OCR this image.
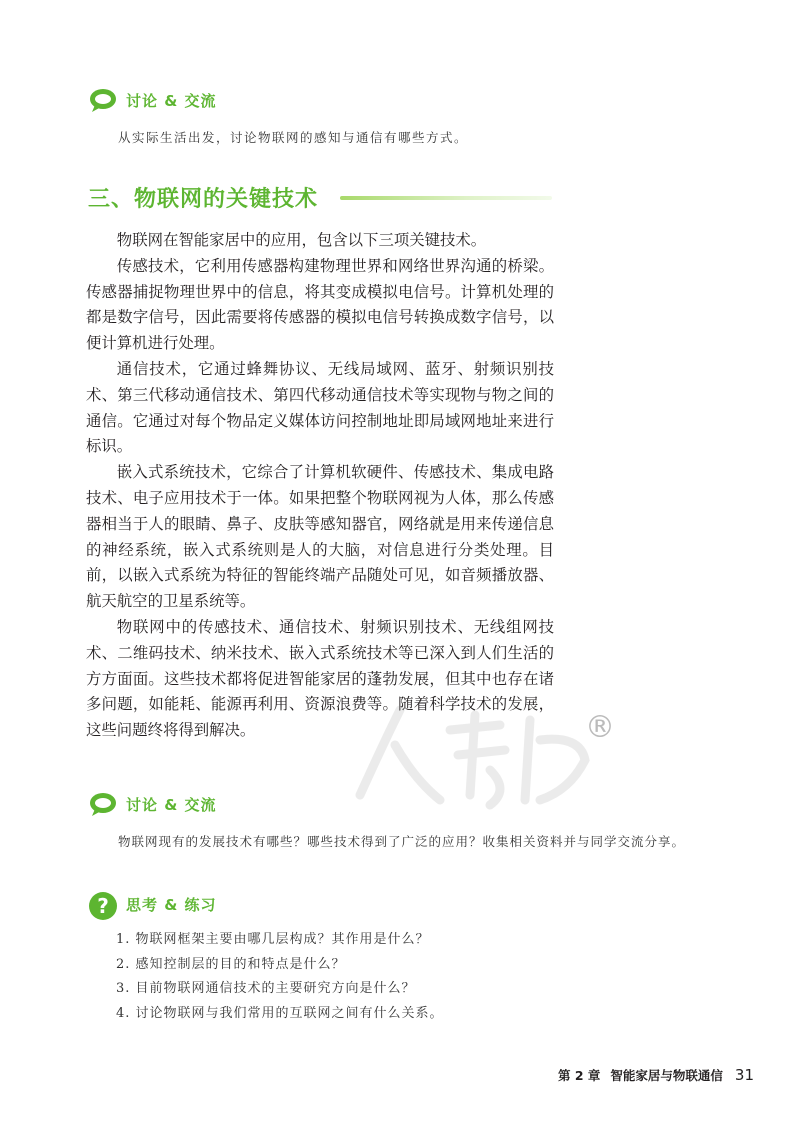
讨论 & 交流
从实际生活出发，讨论物联网的感知与通信有哪些方式。
三、物联网的关键技术

物联网在智能家居中的应用，包含以下三项关键技术。

传感技术，它利用传感器构建物理世界和网络世界沟通的桥梁。传感器捕捉物理世界中的信息，将其变成模拟电信号。计算机处理的都是数字信号，因此需要将传感器的模拟电信号转换成数字信号，以便计算机进行处理。

通信技术，它通过蜂舞协议、无线局域网、蓝牙、射频识别技术、第三代移动通信技术、第四代移动通信技术等实现物与物之间的通信。它通过对每个物品定义媒体访问控制地址即局域网地址来进行标识。

嵌入式系统技术，它综合了计算机软硬件、传感技术、集成电路技术、电子应用技术于一体。如果把整个物联网视为人体，那么传感器相当于人的眼睛、鼻子、皮肤等感知器官，网络就是用来传递信息的神经系统，嵌入式系统则是人的大脑，对信息进行分类处理。目前，以嵌入式系统为特征的智能终端产品随处可见，如音频播放器、航天航空的卫星系统等。

物联网中的传感技术、通信技术、射频识别技术、无线组网技术、二维码技术、纳米技术、嵌入式系统技术等已深入到人们生活的方方面面。这些技术都将促进智能家居的蓬勃发展，但其中也存在诸多问题，如能耗、能源再利用、资源浪费等。随着科学技术的发展，这些问题终将得到解决。	®
讨论 & 交流
物联网现有的发展技术有哪些？哪些技术得到了广泛的应用？收集相关资料并与同学交流分享。
? 思考 & 练习
1. 物联网框架主要由哪几层构成？其作用是什么？
2. 感知控制层的目的和特点是什么？
3. 目前物联网通信技术的主要研究方向是什么？
4. 讨论物联网与我们常用的互联网之间有什么关系。
第 2 章 智能家居与物联通信 31
